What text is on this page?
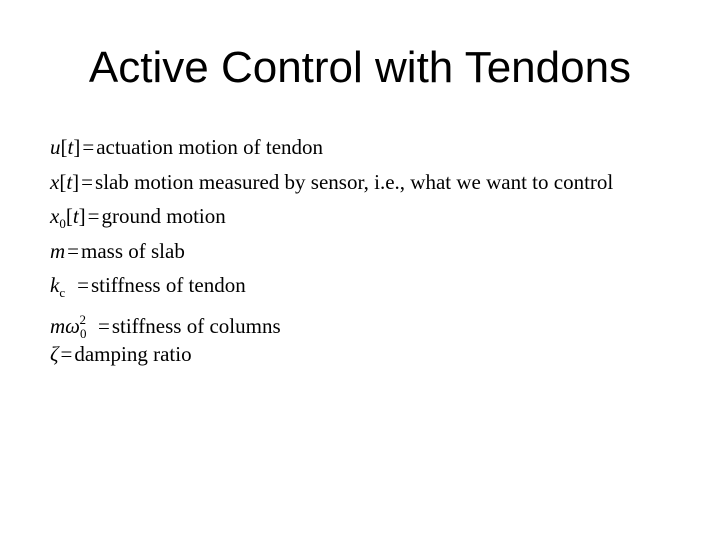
Active Control with Tendons
u[t]=actuation motion of tendon
x[t]=slab motion measured by sensor, i.e., what we want to control
$x_0[t]=ground$ motion
m=mass of slab
$k_c$ =stiffness of tendon
$m\omega_0^2$ =stiffness of columns
ζ=damping ratio
